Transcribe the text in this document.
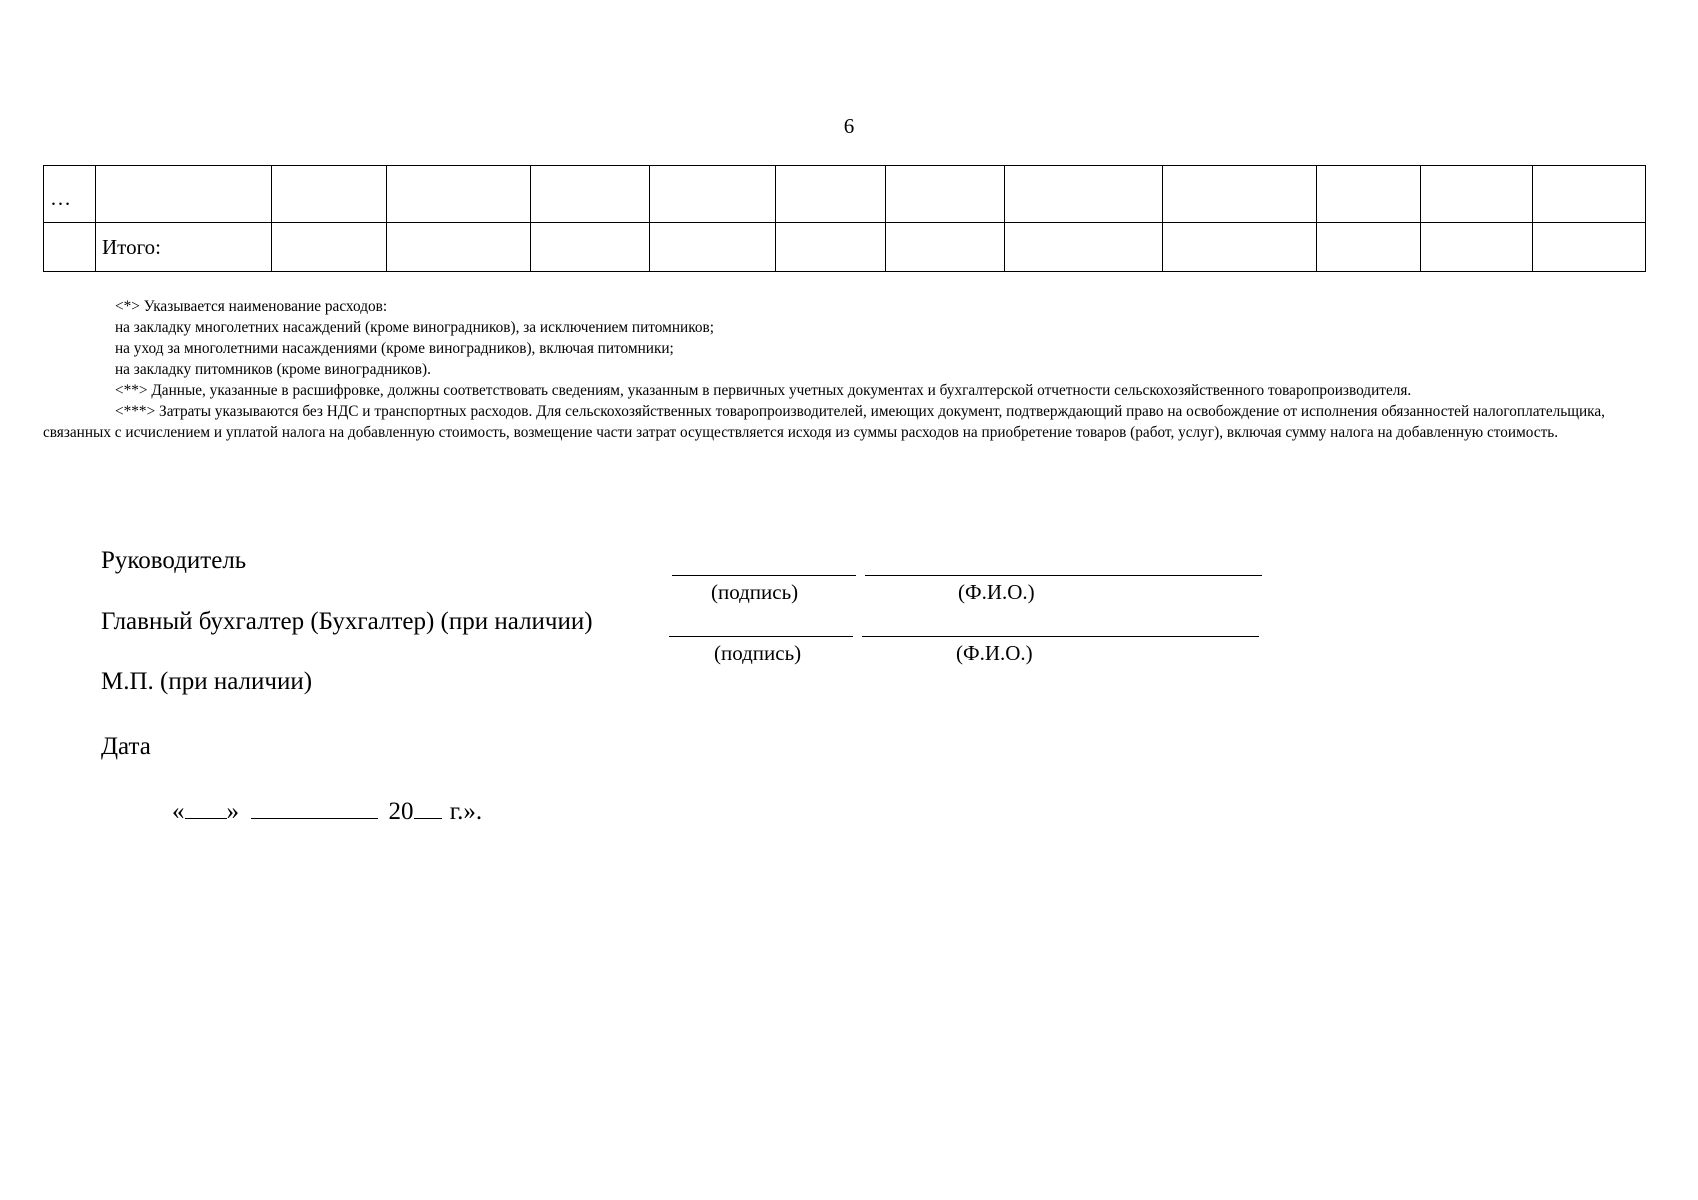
6
…												
	Итого:											

<*> Указывается наименование расходов:

на закладку многолетних насаждений (кроме виноградников), за исключением питомников;

на уход за многолетними насаждениями (кроме виноградников), включая питомники;

на закладку питомников (кроме виноградников).

<**> Данные, указанные в расшифровке, должны соответствовать сведениям, указанным в первичных учетных документах и бухгалтерской отчетности сельскохозяйственного товаропроизводителя.

<***> Затраты указываются без НДС и транспортных расходов. Для сельскохозяйственных товаропроизводителей, имеющих документ, подтверждающий право на освобождение от исполнения обязанностей налогоплательщика, связанных с исчислением и уплатой налога на добавленную стоимость, возмещение части затрат осуществляется исходя из суммы расходов на приобретение товаров (работ, услуг), включая сумму налога на добавленную стоимость.

Руководитель
(подпись)	(Ф.И.О.)
Главный бухгалтер (Бухгалтер) (при наличии)
(подпись)	(Ф.И.О.)
М.П. (при наличии)
Дата
« »	20 г.».
